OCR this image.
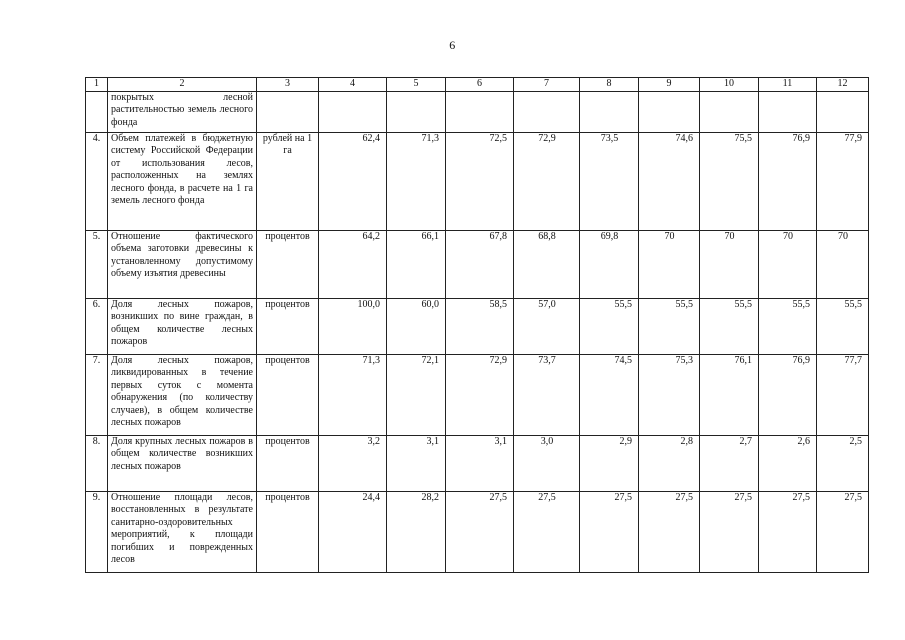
6
1	2	3	4	5	6	7	8	9	10	11	12
	покрытых лесной растительностью земель лесного фонда										
4.	Объем платежей в бюджетную систему Российской Федерации от использования лесов, расположенных на землях лесного фонда, в расчете на 1 га земель лесного фонда	рублей на 1 га	62,4	71,3	72,5	72,9	73,5	74,6	75,5	76,9	77,9
5.	Отношение фактического объема заготовки древесины к установленному допустимому объему изъятия древесины	процентов	64,2	66,1	67,8	68,8	69,8	70	70	70	70
6.	Доля лесных пожаров, возникших по вине граждан, в общем количестве лесных пожаров	процентов	100,0	60,0	58,5	57,0	55,5	55,5	55,5	55,5	55,5
7.	Доля лесных пожаров, ликвидированных в течение первых суток с момента обнаружения (по количеству случаев), в общем количестве лесных пожаров	процентов	71,3	72,1	72,9	73,7	74,5	75,3	76,1	76,9	77,7
8.	Доля крупных лесных пожаров в общем количестве возникших лесных пожаров	процентов	3,2	3,1	3,1	3,0	2,9	2,8	2,7	2,6	2,5
9.	Отношение площади лесов, восстановленных в результате санитарно-оздоровительных мероприятий, к площади погибших и поврежденных лесов	процентов	24,4	28,2	27,5	27,5	27,5	27,5	27,5	27,5	27,5
